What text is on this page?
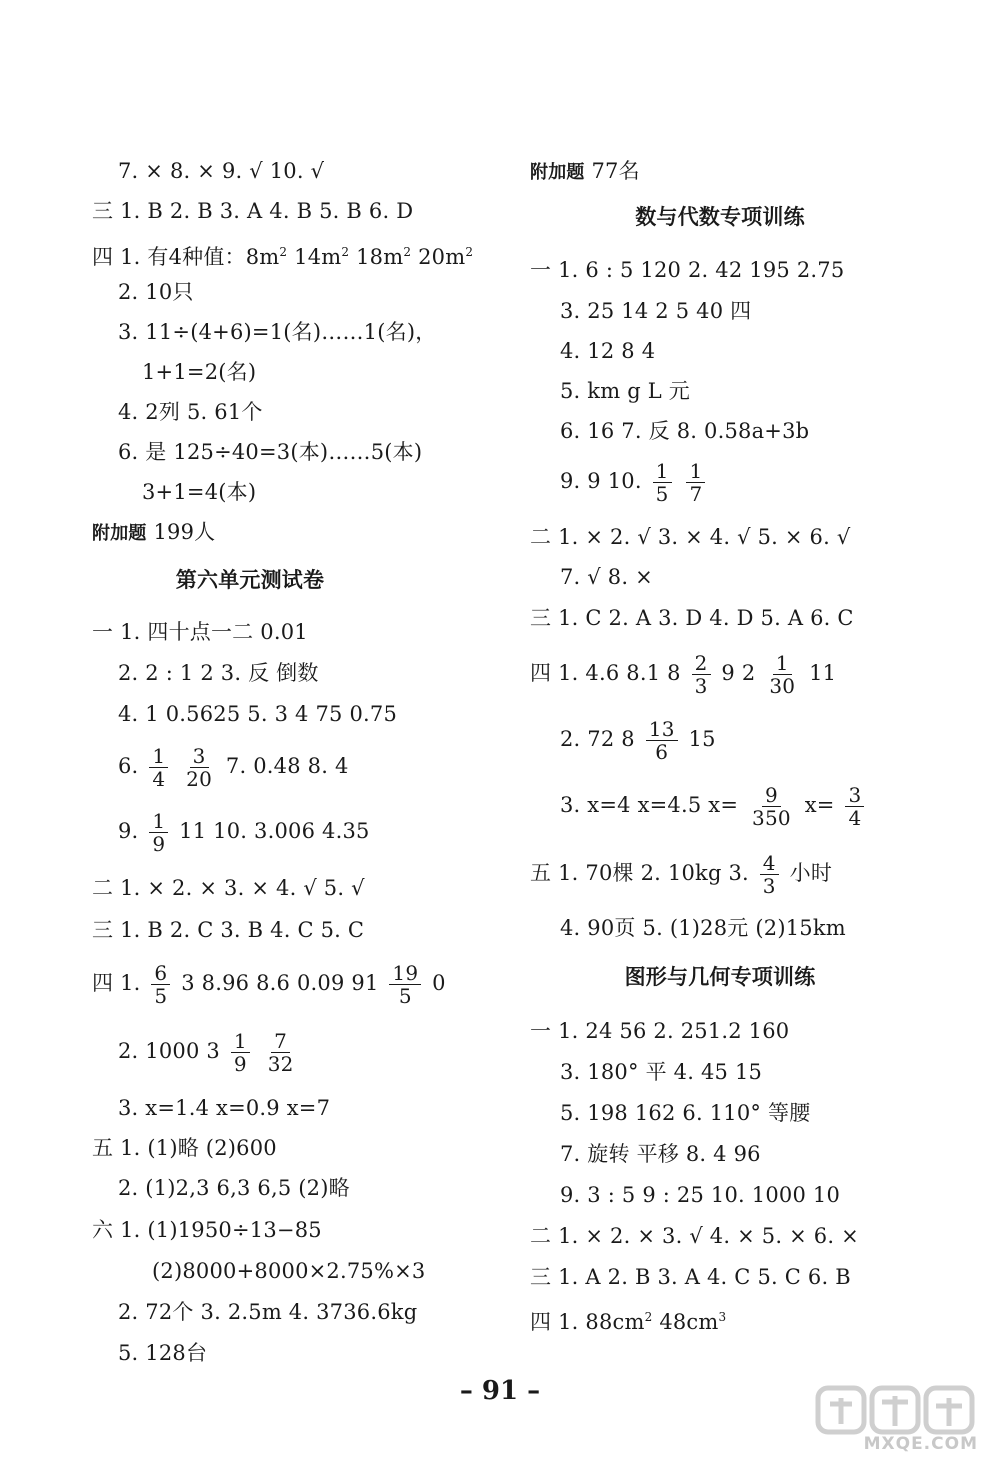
7. × 8. × 9. √ 10. √
三 1. B 2. B 3. A 4. B 5. B 6. D
四 1. 有4种值：$8m^2$ $14m^2$ $18m^2$ $20m^2$
2. 10只
3. 11÷(4+6)=1(名)……1(名)，
1+1=2(名)
4. 2列 5. 61个
6. 是 125÷40=3(本)……5(本)
3+1=4(本)
附加题 199人
第六单元测试卷
一 1. 四十点一二 0.01
2. 2 : 1 2 3. 反 倒数
4. 1 0.5625 5. 3 4 75 0.75
6. $\frac{1}{4}$
$\frac{3}{20} 7$. 0.48 8. 4
9. $\frac{1}{9} 11$ 10. 3.006 4.35
二 1. × 2. × 3. × 4. √ 5. √
三 1. B 2. C 3. B 4. C 5. C
四 1. $\frac{6}{5} 3$ 8.96 8.6 0.09 $91 \frac{19}{5} 0$
2. 1000 $3 \frac{1}{9}$
$\frac{7}{32}$
3. x=1.4 x=0.9 x=7
五 1. (1)略 (2)600
2. (1)2,3 6,3 6,5 (2)略
六 1. (1)1950÷13−85
(2)8000+8000×2.75%×3
2. 72个 3. 2.5m 4. 3736.6kg
5. 128台
附加题 77名
数与代数专项训练
一 1. 6 : 5 120 2. 42 195 2.75
3. 25 14 2 5 40 四
4. 12 8 4
5. km g L 元
6. 16 7. 反 8. 0.58a+3b
9. 9 10. $\frac{1}{5}$
$\frac{1}{7}$
二 1. × 2. √ 3. × 4. √ 5. × 6. √
7. √ 8. ×
三 1. C 2. A 3. D 4. D 5. A 6. C
四 1. 4.6 8.1 $8 \frac{2}{3} 9$ $2 \frac{1}{30} 11$
2. 72 $8 \frac{13}{6} 15$
3. x=4 x=4.5 $x= \frac{9}{350} x= \frac{3}{4}$
五 1. 70棵 2. 10kg 3. $\frac{4}{3}$ 小时
4. 90页 5. (1)28元 (2)15km
图形与几何专项训练
一 1. 24 56 2. 251.2 160
3. 180° 平 4. 45 15
5. 198 162 6. 110° 等腰
7. 旋转 平移 8. 4 96
9. 3 : 5 9 : 25 10. 1000 10
二 1. × 2. × 3. √ 4. × 5. × 6. ×
三 1. A 2. B 3. A 4. C 5. C 6. B
四 1. $88cm^2$ $48cm^3$
– 91 –
MXQE.COM
